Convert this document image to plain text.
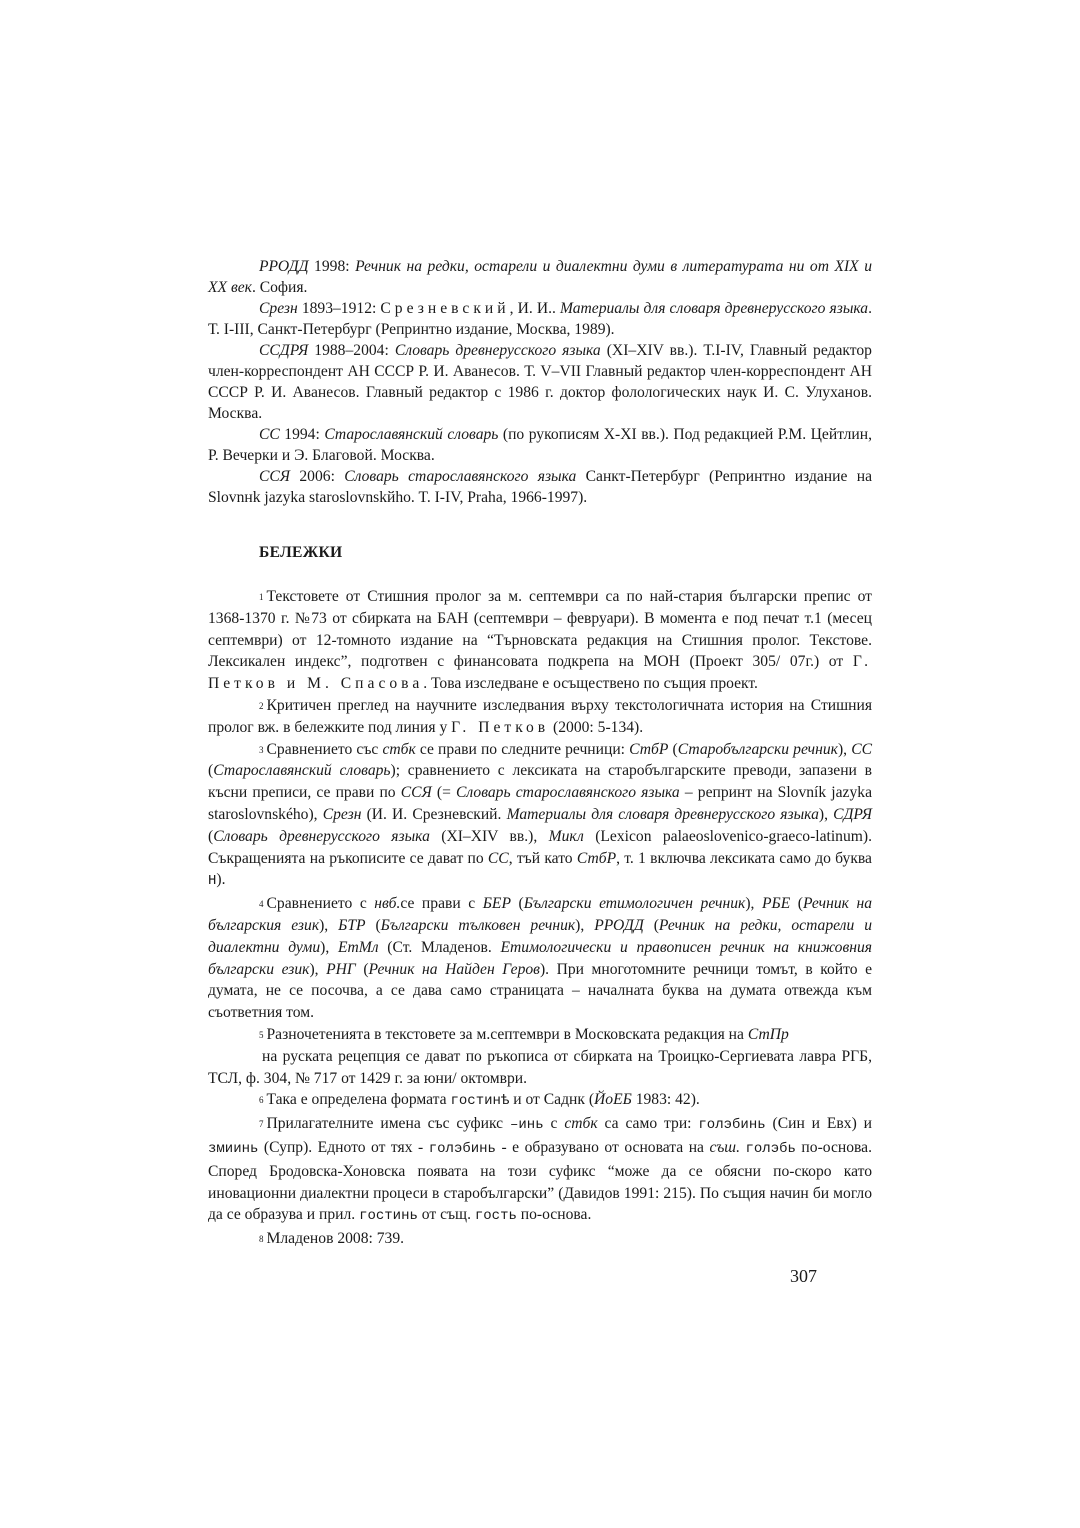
РРОДД 1998: Речник на редки, остарели и диалектни думи в литературата ни от XIX и XX век. София.

Срезн 1893–1912: Срезневский, И. И.. Материалы для словаря древнерусского языка. Т. I-III, Санкт-Петербург (Репринтно издание, Москва, 1989).

ССДРЯ 1988–2004: Словарь древнерусского языка (XI–XIV вв.). Т.I-IV, Главный редактор член-корреспондент АН СССР Р. И. Аванесов. Т. V–VII Главный редактор член-корреспондент АН СССР Р. И. Аванесов. Главный редактор с 1986 г. доктор фолологических наук И. С. Улуханов. Москва.

СС 1994: Старославянский словарь (по рукописям X-XI вв.). Под редакцией Р.М. Цейтлин, Р. Вечерки и Э. Благовой. Москва.

ССЯ 2006: Словарь старославянского языка Санкт-Петербург (Репринтно издание на Slovnнk jazyka staroslovnskйho. T. I-IV, Praha, 1966-1997).

БЕЛЕЖКИ

$^1$ Текстовете от Стишния пролог за м. септември са по най-стария български препис от 1368-1370 г. №73 от сбирката на БАН (септември – февруари). В момента е под печат т.1 (месец септември) от 12-томното издание на “Търновската редакция на Стишния пролог. Текстове. Лексикален индекс”, подготвен с финансовата подкрепа на МОН (Проект 305/ 07г.) от Г. Петков и М. Спасова. Това изследване е осъществено по същия проект.

$^2$ Критичен преглед на научните изследвания върху текстологичната история на Стишния пролог вж. в бележките под линия у Г. Петков (2000: 5-134).

$^3$ Сравнението със стбк се прави по следните речници: СтбР (Старобългарски речник), СС (Старославянский словарь); сравнението с лексиката на старобългарските преводи, запазени в късни преписи, се прави по ССЯ (= Словарь старославянского языка – репринт на Slovník jazyka staroslovnského), Срезн (И. И. Срезневский. Материалы для словаря древнерусского языка), СДРЯ (Словарь древнерусского языка (XI–XIV вв.), Микл (Lexicon palaeoslovenico-graeco-latinum). Съкращенията на ръкописите се дават по СС, тъй като СтбР, т. 1 включва лексиката само до буква Н).

$^4$ Сравнението с нвб.се прави с БЕР (Български етимологичен речник), РБЕ (Речник на българския език), БТР (Български тълковен речник), РРОДД (Речник на редки, остарели и диалектни думи), ЕтМл (Ст. Младенов. Етимологически и правописен речник на книжовния български език), РНГ (Речник на Найден Геров). При многотомните речници томът, в който е думата, не се посочва, а се дава само страницата – началната буква на думата отвежда към съответния том.

$^5$ Разночетенията в текстовете за м.септември в Московската редакция на СтПр

на руската рецепция се дават по ръкописа от сбирката на Троицко-Сергиевата лавра РГБ, ТСЛ, ф. 304, № 717 от 1429 г. за юни/ октомври.

$^6$ Така е определена формата гостинѣ и от Саднк (ЙоЕБ 1983: 42).

$^7$ Прилагателните имена със суфикс –инь с стбк са само три: голэбинь (Син и Евх) и змиинь (Супр). Едното от тях - голэбинь - е образувано от основата на съш. голэбь по-основа. Според Бродовска-Хоновска появата на този суфикс “може да се обясни по-скоро като иновационни диалектни процеси в старобългарски” (Давидов 1991: 215). По същия начин би могло да се образува и прил. гостинь от същ. гость по-основа.

$^8$ Младенов 2008: 739.

307
